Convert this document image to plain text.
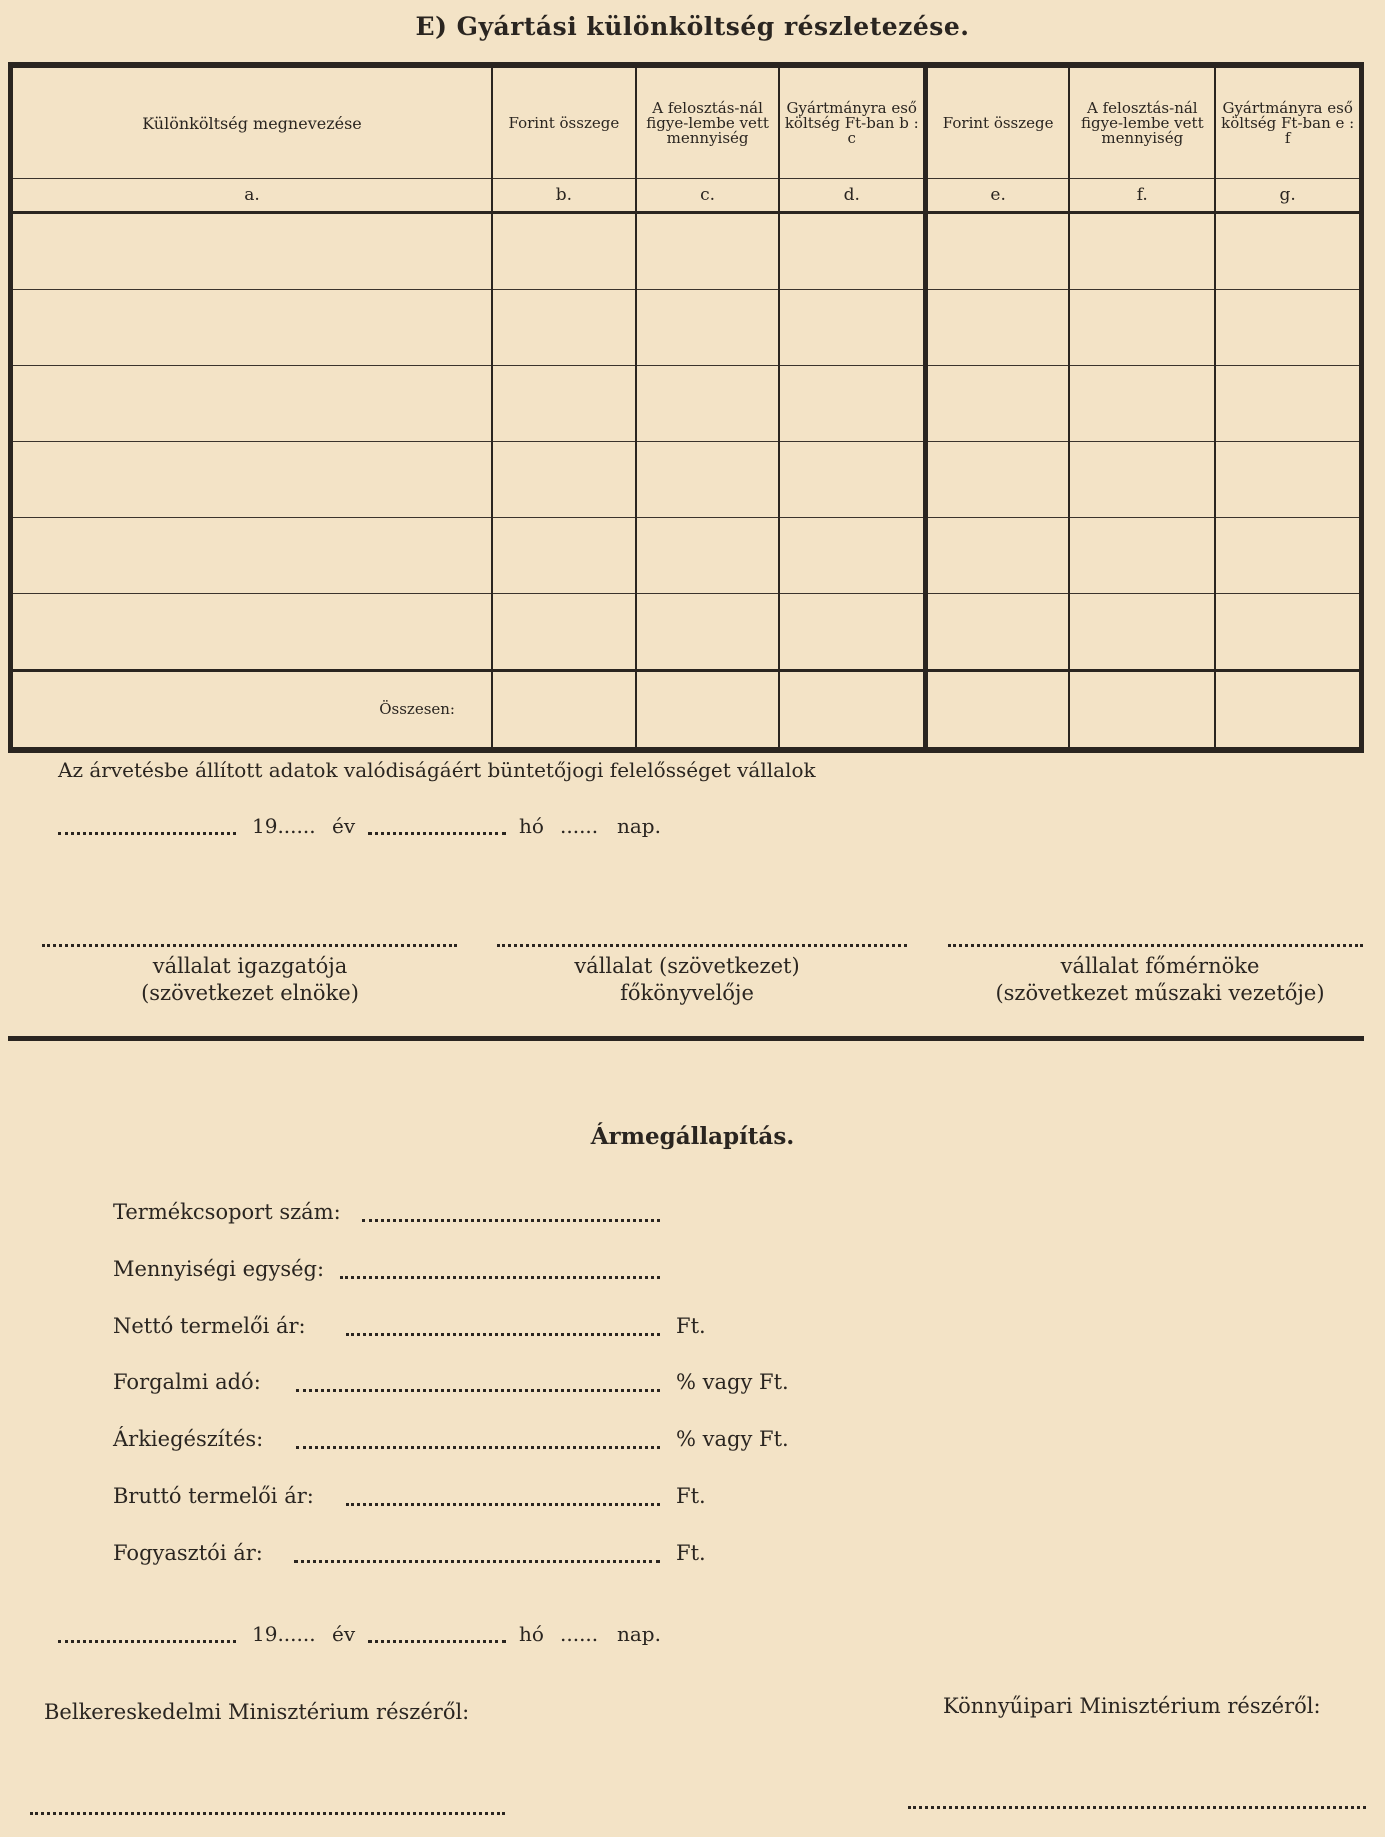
E) Gyártási különköltség részletezése.
Különköltség megnevezése	Forint összege	A felosztás-nál figye-lembe vett mennyiség	Gyártmányra eső költség Ft-ban b : c	Forint összege	A felosztás-nál figye-lembe vett mennyiség	Gyártmányra eső költség Ft-ban e : f
a.	b.	c.	d.	e.	f.	g.

Összesen:						
Az árvetésbe állított adatok valódiságáért büntetőjogi felelősséget vállalok
19...... év	hó ...... nap.
vállalat igazgatója
(szövetkezet elnöke)
vállalat (szövetkezet)
főkönyvelője
vállalat főmérnöke
(szövetkezet műszaki vezetője)
Ármegállapítás.
Termékcsoport szám:
Mennyiségi egység:
Nettó termelői ár:	Ft.
Forgalmi adó:	% vagy Ft.
Árkiegészítés:	% vagy Ft.
Bruttó termelői ár:	Ft.
Fogyasztói ár:	Ft.
19...... év	hó ...... nap.
Belkereskedelmi Minisztérium részéről:	Könnyűipari Minisztérium részéről:
